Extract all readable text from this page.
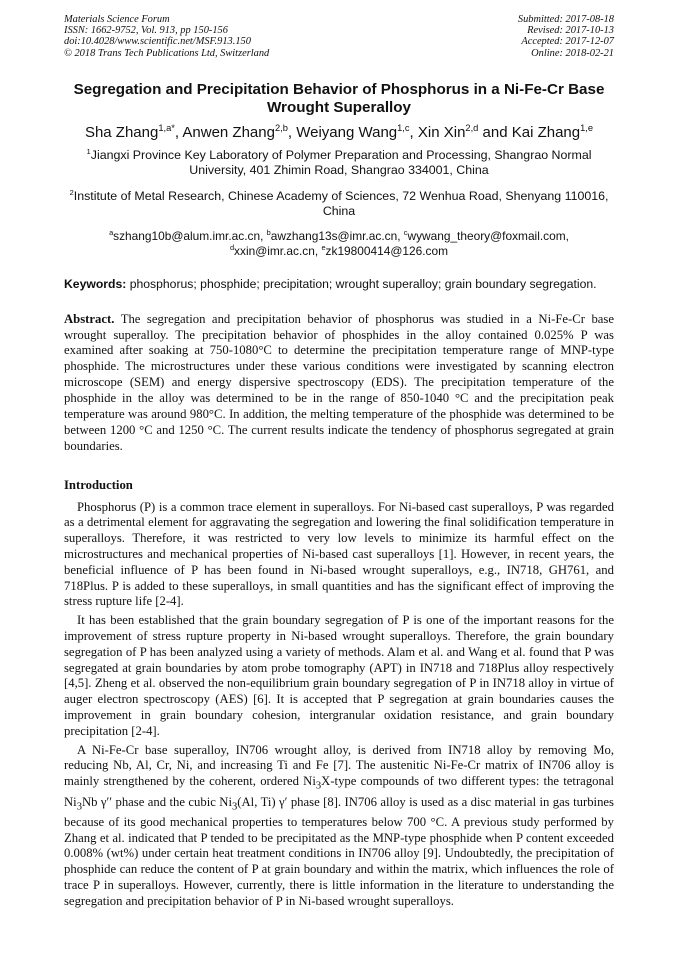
Materials Science Forum
ISSN: 1662-9752, Vol. 913, pp 150-156
doi:10.4028/www.scientific.net/MSF.913.150
© 2018 Trans Tech Publications Ltd, Switzerland
Submitted: 2017-08-18
Revised: 2017-10-13
Accepted: 2017-12-07
Online: 2018-02-21
Segregation and Precipitation Behavior of Phosphorus in a Ni-Fe-Cr Base Wrought Superalloy
Sha Zhang$^{1,a*}$, Anwen Zhang$^{2,b}$, Weiyang Wang$^{1,c}$, Xin Xin$^{2,d}$ and Kai Zhang$^{1,e}$
$^1$Jiangxi Province Key Laboratory of Polymer Preparation and Processing, Shangrao Normal University, 401 Zhimin Road, Shangrao 334001, China
$^2$Institute of Metal Research, Chinese Academy of Sciences, 72 Wenhua Road, Shenyang 110016, China
$^a$szhang10b@alum.imr.ac.cn, $^b$awzhang13s@imr.ac.cn, $^c$wywang_theory@foxmail.com,
$^d$xxin@imr.ac.cn, $^e$zk19800414@126.com
Keywords: phosphorus; phosphide; precipitation; wrought superalloy; grain boundary segregation.
Abstract. The segregation and precipitation behavior of phosphorus was studied in a Ni-Fe-Cr base wrought superalloy. The precipitation behavior of phosphides in the alloy contained 0.025% P was examined after soaking at 750-1080°C to determine the precipitation temperature range of MNP-type phosphide. The microstructures under these various conditions were investigated by scanning electron microscope (SEM) and energy dispersive spectroscopy (EDS). The precipitation temperature of the phosphide in the alloy was determined to be in the range of 850-1040 °C and the precipitation peak temperature was around 980°C. In addition, the melting temperature of the phosphide was determined to be between 1200 °C and 1250 °C. The current results indicate the tendency of phosphorus segregated at grain boundaries.
Introduction
Phosphorus (P) is a common trace element in superalloys. For Ni-based cast superalloys, P was regarded as a detrimental element for aggravating the segregation and lowering the final solidification temperature in superalloys. Therefore, it was restricted to very low levels to minimize its harmful effect on the microstructures and mechanical properties of Ni-based cast superalloys [1]. However, in recent years, the beneficial influence of P has been found in Ni-based wrought superalloys, e.g., IN718, GH761, and 718Plus. P is added to these superalloys, in small quantities and has the significant effect of improving the stress rupture life [2-4].
It has been established that the grain boundary segregation of P is one of the important reasons for the improvement of stress rupture property in Ni-based wrought superalloys. Therefore, the grain boundary segregation of P has been analyzed using a variety of methods. Alam et al. and Wang et al. found that P was segregated at grain boundaries by atom probe tomography (APT) in IN718 and 718Plus alloy respectively [4,5]. Zheng et al. observed the non-equilibrium grain boundary segregation of P in IN718 alloy in virtue of auger electron spectroscopy (AES) [6]. It is accepted that P segregation at grain boundaries causes the improvement in grain boundary cohesion, intergranular oxidation resistance, and grain boundary precipitation [2-4].
A Ni-Fe-Cr base superalloy, IN706 wrought alloy, is derived from IN718 alloy by removing Mo, reducing Nb, Al, Cr, Ni, and increasing Ti and Fe [7]. The austenitic Ni-Fe-Cr matrix of IN706 alloy is mainly strengthened by the coherent, ordered $Ni_3X$-type compounds of two different types: the tetragonal $Ni_3Nb$ γ′′ phase and the cubic $Ni_3(Al$, Ti) γ′ phase [8]. IN706 alloy is used as a disc material in gas turbines because of its good mechanical properties to temperatures below 700 °C. A previous study performed by Zhang et al. indicated that P tended to be precipitated as the MNP-type phosphide when P content exceeded 0.008% (wt%) under certain heat treatment conditions in IN706 alloy [9]. Undoubtedly, the precipitation of phosphide can reduce the content of P at grain boundary and within the matrix, which influences the role of trace P in superalloys. However, currently, there is little information in the literature to understanding the segregation and precipitation behavior of P in Ni-based wrought superalloys.
